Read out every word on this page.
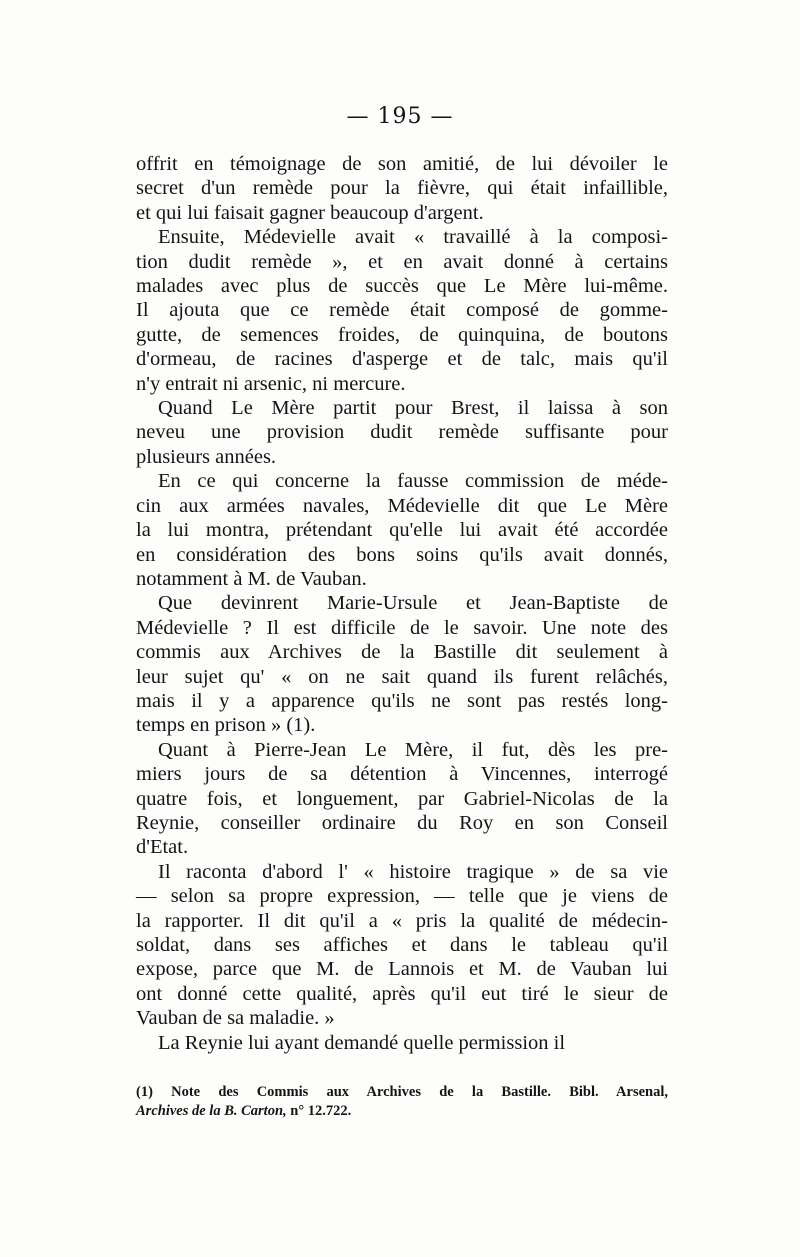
— 195 —

offrit en témoignage de son amitié, de lui dévoiler le
secret d'un remède pour la fièvre, qui était infaillible,
et qui lui faisait gagner beaucoup d'argent.

Ensuite, Médevielle avait « travaillé à la composi-
tion dudit remède », et en avait donné à certains
malades avec plus de succès que Le Mère lui-même.
Il ajouta que ce remède était composé de gomme-
gutte, de semences froides, de quinquina, de boutons
d'ormeau, de racines d'asperge et de talc, mais qu'il
n'y entrait ni arsenic, ni mercure.

Quand Le Mère partit pour Brest, il laissa à son
neveu une provision dudit remède suffisante pour
plusieurs années.

En ce qui concerne la fausse commission de méde-
cin aux armées navales, Médevielle dit que Le Mère
la lui montra, prétendant qu'elle lui avait été accordée
en considération des bons soins qu'ils avait donnés,
notamment à M. de Vauban.

Que devinrent Marie-Ursule et Jean-Baptiste de
Médevielle ? Il est difficile de le savoir. Une note des
commis aux Archives de la Bastille dit seulement à
leur sujet qu' « on ne sait quand ils furent relâchés,
mais il y a apparence qu'ils ne sont pas restés long-
temps en prison » (1).

Quant à Pierre-Jean Le Mère, il fut, dès les pre-
miers jours de sa détention à Vincennes, interrogé
quatre fois, et longuement, par Gabriel-Nicolas de la
Reynie, conseiller ordinaire du Roy en son Conseil
d'Etat.

Il raconta d'abord l' « histoire tragique » de sa vie
— selon sa propre expression, — telle que je viens de
la rapporter. Il dit qu'il a « pris la qualité de médecin-
soldat, dans ses affiches et dans le tableau qu'il
expose, parce que M. de Lannois et M. de Vauban lui
ont donné cette qualité, après qu'il eut tiré le sieur de
Vauban de sa maladie. »

La Reynie lui ayant demandé quelle permission il

(1) Note des Commis aux Archives de la Bastille. Bibl. Arsenal,
Archives de la B. Carton, n° 12.722.
